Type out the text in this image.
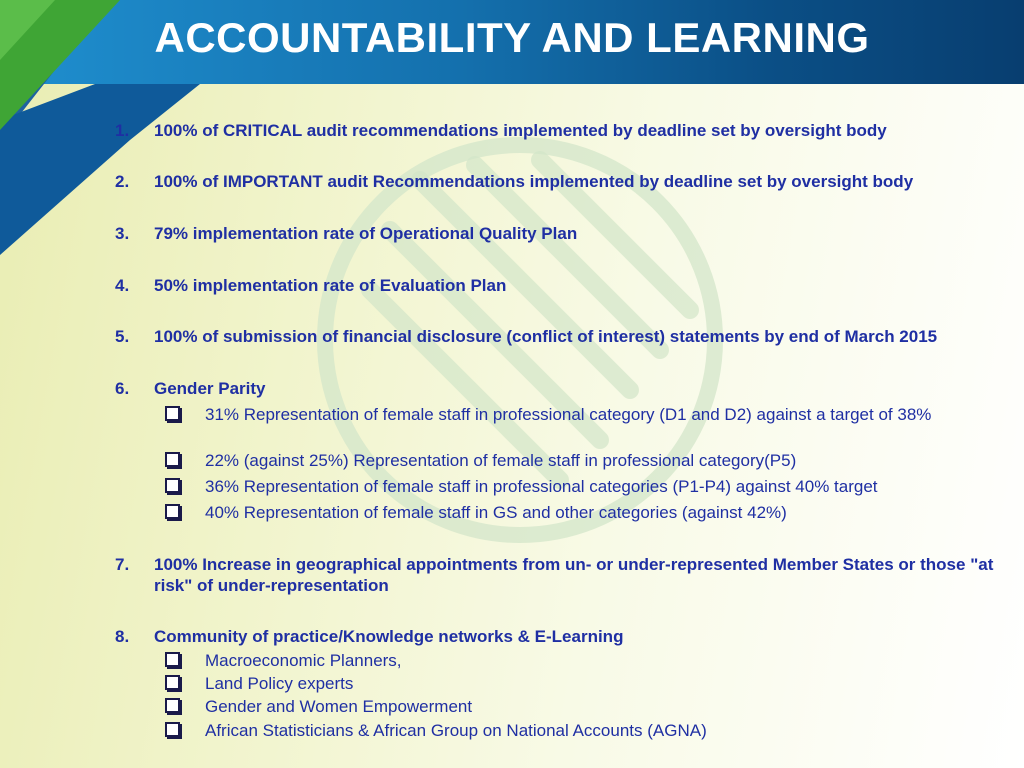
ACCOUNTABILITY AND LEARNING
1.	100% of CRITICAL audit recommendations implemented by deadline set by oversight body
2.	100% of IMPORTANT audit Recommendations implemented by deadline set by oversight body
3.	79% implementation rate of Operational Quality Plan
4.	50% implementation rate of Evaluation Plan
5.	100% of submission of financial disclosure (conflict of interest) statements by end of March 2015
6.	Gender Parity
31% Representation of female staff in professional category (D1 and D2) against a target of 38%
22% (against 25%) Representation of female staff in professional category(P5)
36% Representation of female staff in professional categories (P1-P4) against 40% target
40% Representation of female staff in GS and other categories (against 42%)
7.	100% Increase in geographical appointments from un- or under-represented Member States or those "at risk" of under-representation
8.	Community of practice/Knowledge networks & E-Learning
Macroeconomic Planners,
Land Policy experts
Gender and Women Empowerment
African Statisticians & African Group on National Accounts (AGNA)
